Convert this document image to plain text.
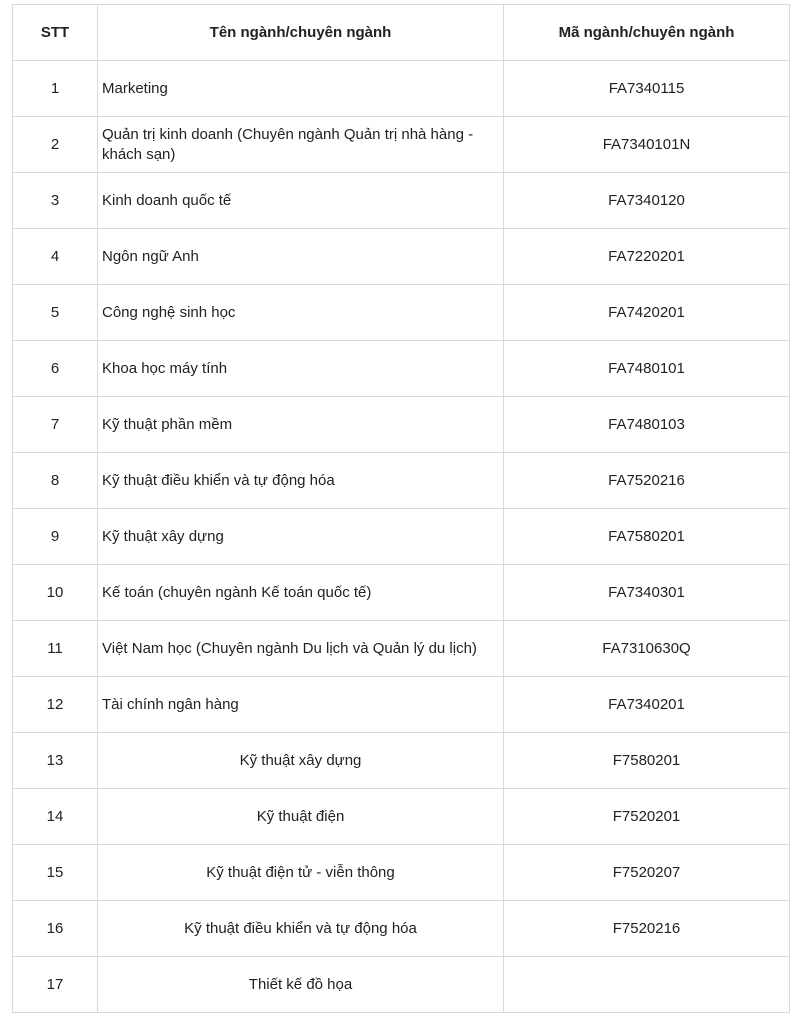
STT	Tên ngành/chuyên ngành	Mã ngành/chuyên ngành
1	Marketing	FA7340115
2	Quản trị kinh doanh (Chuyên ngành Quản trị nhà hàng - khách sạn)	FA7340101N
3	Kinh doanh quốc tế	FA7340120
4	Ngôn ngữ Anh	FA7220201
5	Công nghệ sinh học	FA7420201
6	Khoa học máy tính	FA7480101
7	Kỹ thuật phần mềm	FA7480103
8	Kỹ thuật điều khiển và tự động hóa	FA7520216
9	Kỹ thuật xây dựng	FA7580201
10	Kế toán (chuyên ngành Kế toán quốc tế)	FA7340301
11	Việt Nam học (Chuyên ngành Du lịch và Quản lý du lịch)	FA7310630Q
12	Tài chính ngân hàng	FA7340201
13	Kỹ thuật xây dựng	F7580201
14	Kỹ thuật điện	F7520201
15	Kỹ thuật điện tử - viễn thông	F7520207
16	Kỹ thuật điều khiển và tự động hóa	F7520216
17	Thiết kế đồ họa	
